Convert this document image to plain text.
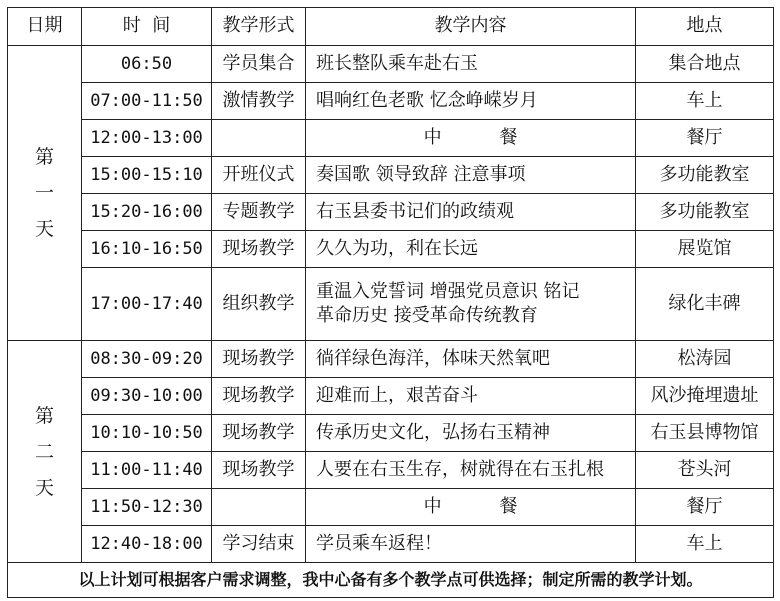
日期	时  间	教学形式	教学内容	地点

第
一
天	06:50	学员集合	班长整队乘车赴右玉	集合地点
	07:00-11:50	激情教学	唱响红色老歌 忆念峥嵘岁月	车上
	12:00-13:00		中 餐	餐厅
	15:00-15:10	开班仪式	奏国歌 领导致辞 注意事项	多功能教室
	15:20-16:00	专题教学	右玉县委书记们的政绩观	多功能教室
	16:10-16:50	现场教学	久久为功，利在长远	展览馆
	17:00-17:40	组织教学	重温入党誓词 增强党员意识 铭记
革命历史 接受革命传统教育	绿化丰碑

第
二
天	08:30-09:20	现场教学	徜徉绿色海洋，体味天然氧吧	松涛园
	09:30-10:00	现场教学	迎难而上，艰苦奋斗	风沙掩埋遗址
	10:10-10:50	现场教学	传承历史文化，弘扬右玉精神	右玉县博物馆
	11:00-11:40	现场教学	人要在右玉生存，树就得在右玉扎根	苍头河
	11:50-12:30		中 餐	餐厅
	12:40-18:00	学习结束	学员乘车返程！	车上
以上计划可根据客户需求调整，我中心备有多个教学点可供选择；制定所需的教学计划。				
